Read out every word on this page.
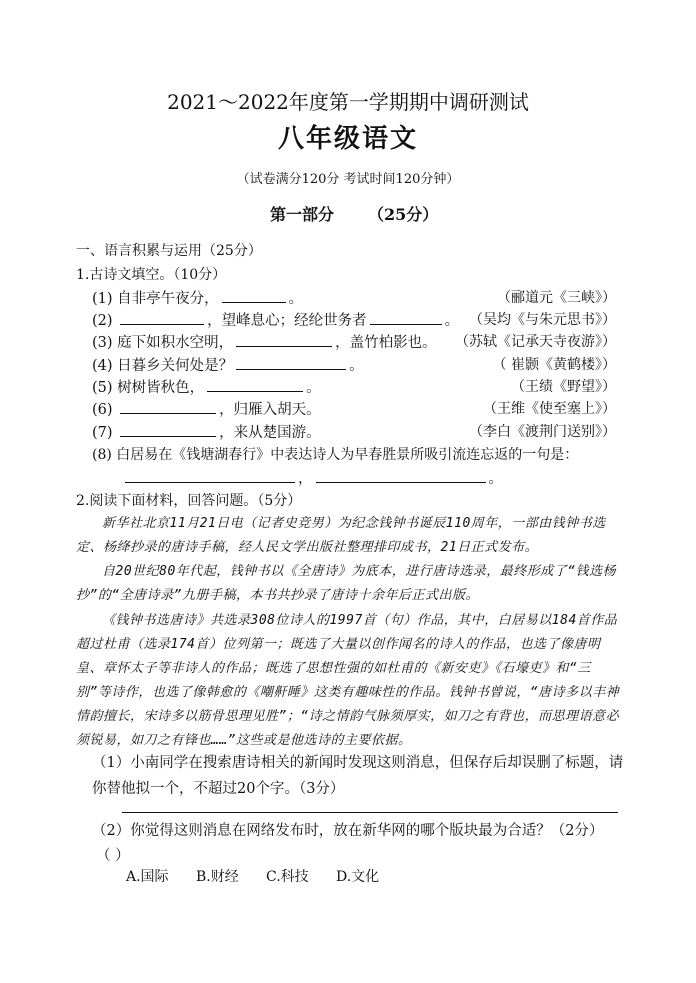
2021～2022年度第一学期期中调研测试
八年级语文
（试卷满分120分 考试时间120分钟）
第一部分 （25分）
一、语言积累与运用（25分）
1.古诗文填空。（10分）
(1) 自非亭午夜分，	。	（郦道元《三峡》）
(2)	，望峰息心；经纶世务者	。 （吴均《与朱元思书》）
(3) 庭下如积水空明，	，盖竹柏影也。 （苏轼《记承天寺夜游》）
(4) 日暮乡关何处是？	。	（ 崔颢《黄鹤楼》）
(5) 树树皆秋色，	。	（王绩《野望》）
(6)	，归雁入胡天。	（王维《使至塞上》）
(7)	，来从楚国游。	（李白《渡荆门送别》）
(8) 白居易在《钱塘湖春行》中表达诗人为早春胜景所吸引流连忘返的一句是：
，	。
2.阅读下面材料，回答问题。（5分）
新华社北京11月21日电（记者史竞男）为纪念钱钟书诞辰110周年，一部由钱钟书选定、杨绛抄录的唐诗手稿，经人民文学出版社整理排印成书，21日正式发布。
自20世纪80年代起，钱钟书以《全唐诗》为底本，进行唐诗选录，最终形成了“钱选杨抄”的“全唐诗录”九册手稿，本书共抄录了唐诗十余年后正式出版。
《钱钟书选唐诗》共选录308位诗人的1997首（句）作品，其中，白居易以184首作品超过杜甫（选录174首）位列第一；既选了大量以创作闻名的诗人的作品，也选了像唐明皇、章怀太子等非诗人的作品；既选了思想性强的如杜甫的《新安吏》《石壕吏》和“三别”等诗作，也选了像韩愈的《嘲鼾睡》这类有趣味性的作品。钱钟书曾说，“唐诗多以丰神情韵擅长，宋诗多以筋骨思理见胜”；“诗之情韵气脉须厚实，如刀之有背也，而思理语意必须锐易，如刀之有锋也……”这些或是他选诗的主要依据。
（1）小南同学在搜索唐诗相关的新闻时发现这则消息，但保存后却误删了标题，请你替他拟一个，不超过20个字。（3分）
（2）你觉得这则消息在网络发布时，放在新华网的哪个版块最为合适？（2分）
（ ）
A.国际 B.财经 C.科技 D.文化
